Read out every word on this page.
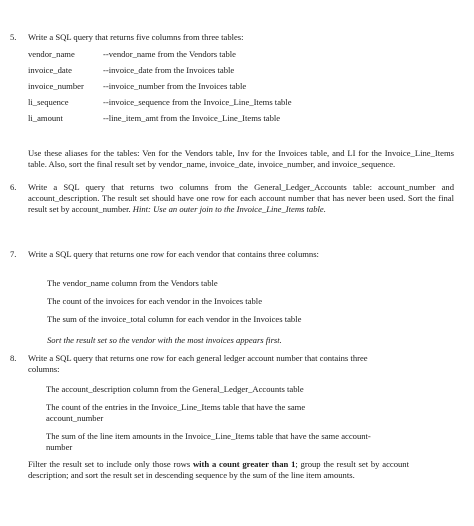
5. Write a SQL query that returns five columns from three tables:
vendor_name	--vendor_name from the Vendors table
invoice_date	--invoice_date from the Invoices table
invoice_number	--invoice_number from the Invoices table
li_sequence	--invoice_sequence from the Invoice_Line_Items table
li_amount	--line_item_amt from the Invoice_Line_Items table
Use these aliases for the tables: Ven for the Vendors table, Inv for the Invoices table, and LI for the Invoice_Line_Items table. Also, sort the final result set by vendor_name, invoice_date, invoice_number, and invoice_sequence.
6. Write a SQL query that returns two columns from the General_Ledger_Accounts table: account_number and account_description. The result set should have one row for each account number that has never been used. Sort the final result set by account_number. Hint: Use an outer join to the Invoice_Line_Items table.
7. Write a SQL query that returns one row for each vendor that contains three columns:
The vendor_name column from the Vendors table
The count of the invoices for each vendor in the Invoices table
The sum of the invoice_total column for each vendor in the Invoices table
Sort the result set so the vendor with the most invoices appears first.
8. Write a SQL query that returns one row for each general ledger account number that contains three columns:
The account_description column from the General_Ledger_Accounts table
The count of the entries in the Invoice_Line_Items table that have the same account_number
The sum of the line item amounts in the Invoice_Line_Items table that have the same account-number
Filter the result set to include only those rows with a count greater than 1; group the result set by account description; and sort the result set in descending sequence by the sum of the line item amounts.
